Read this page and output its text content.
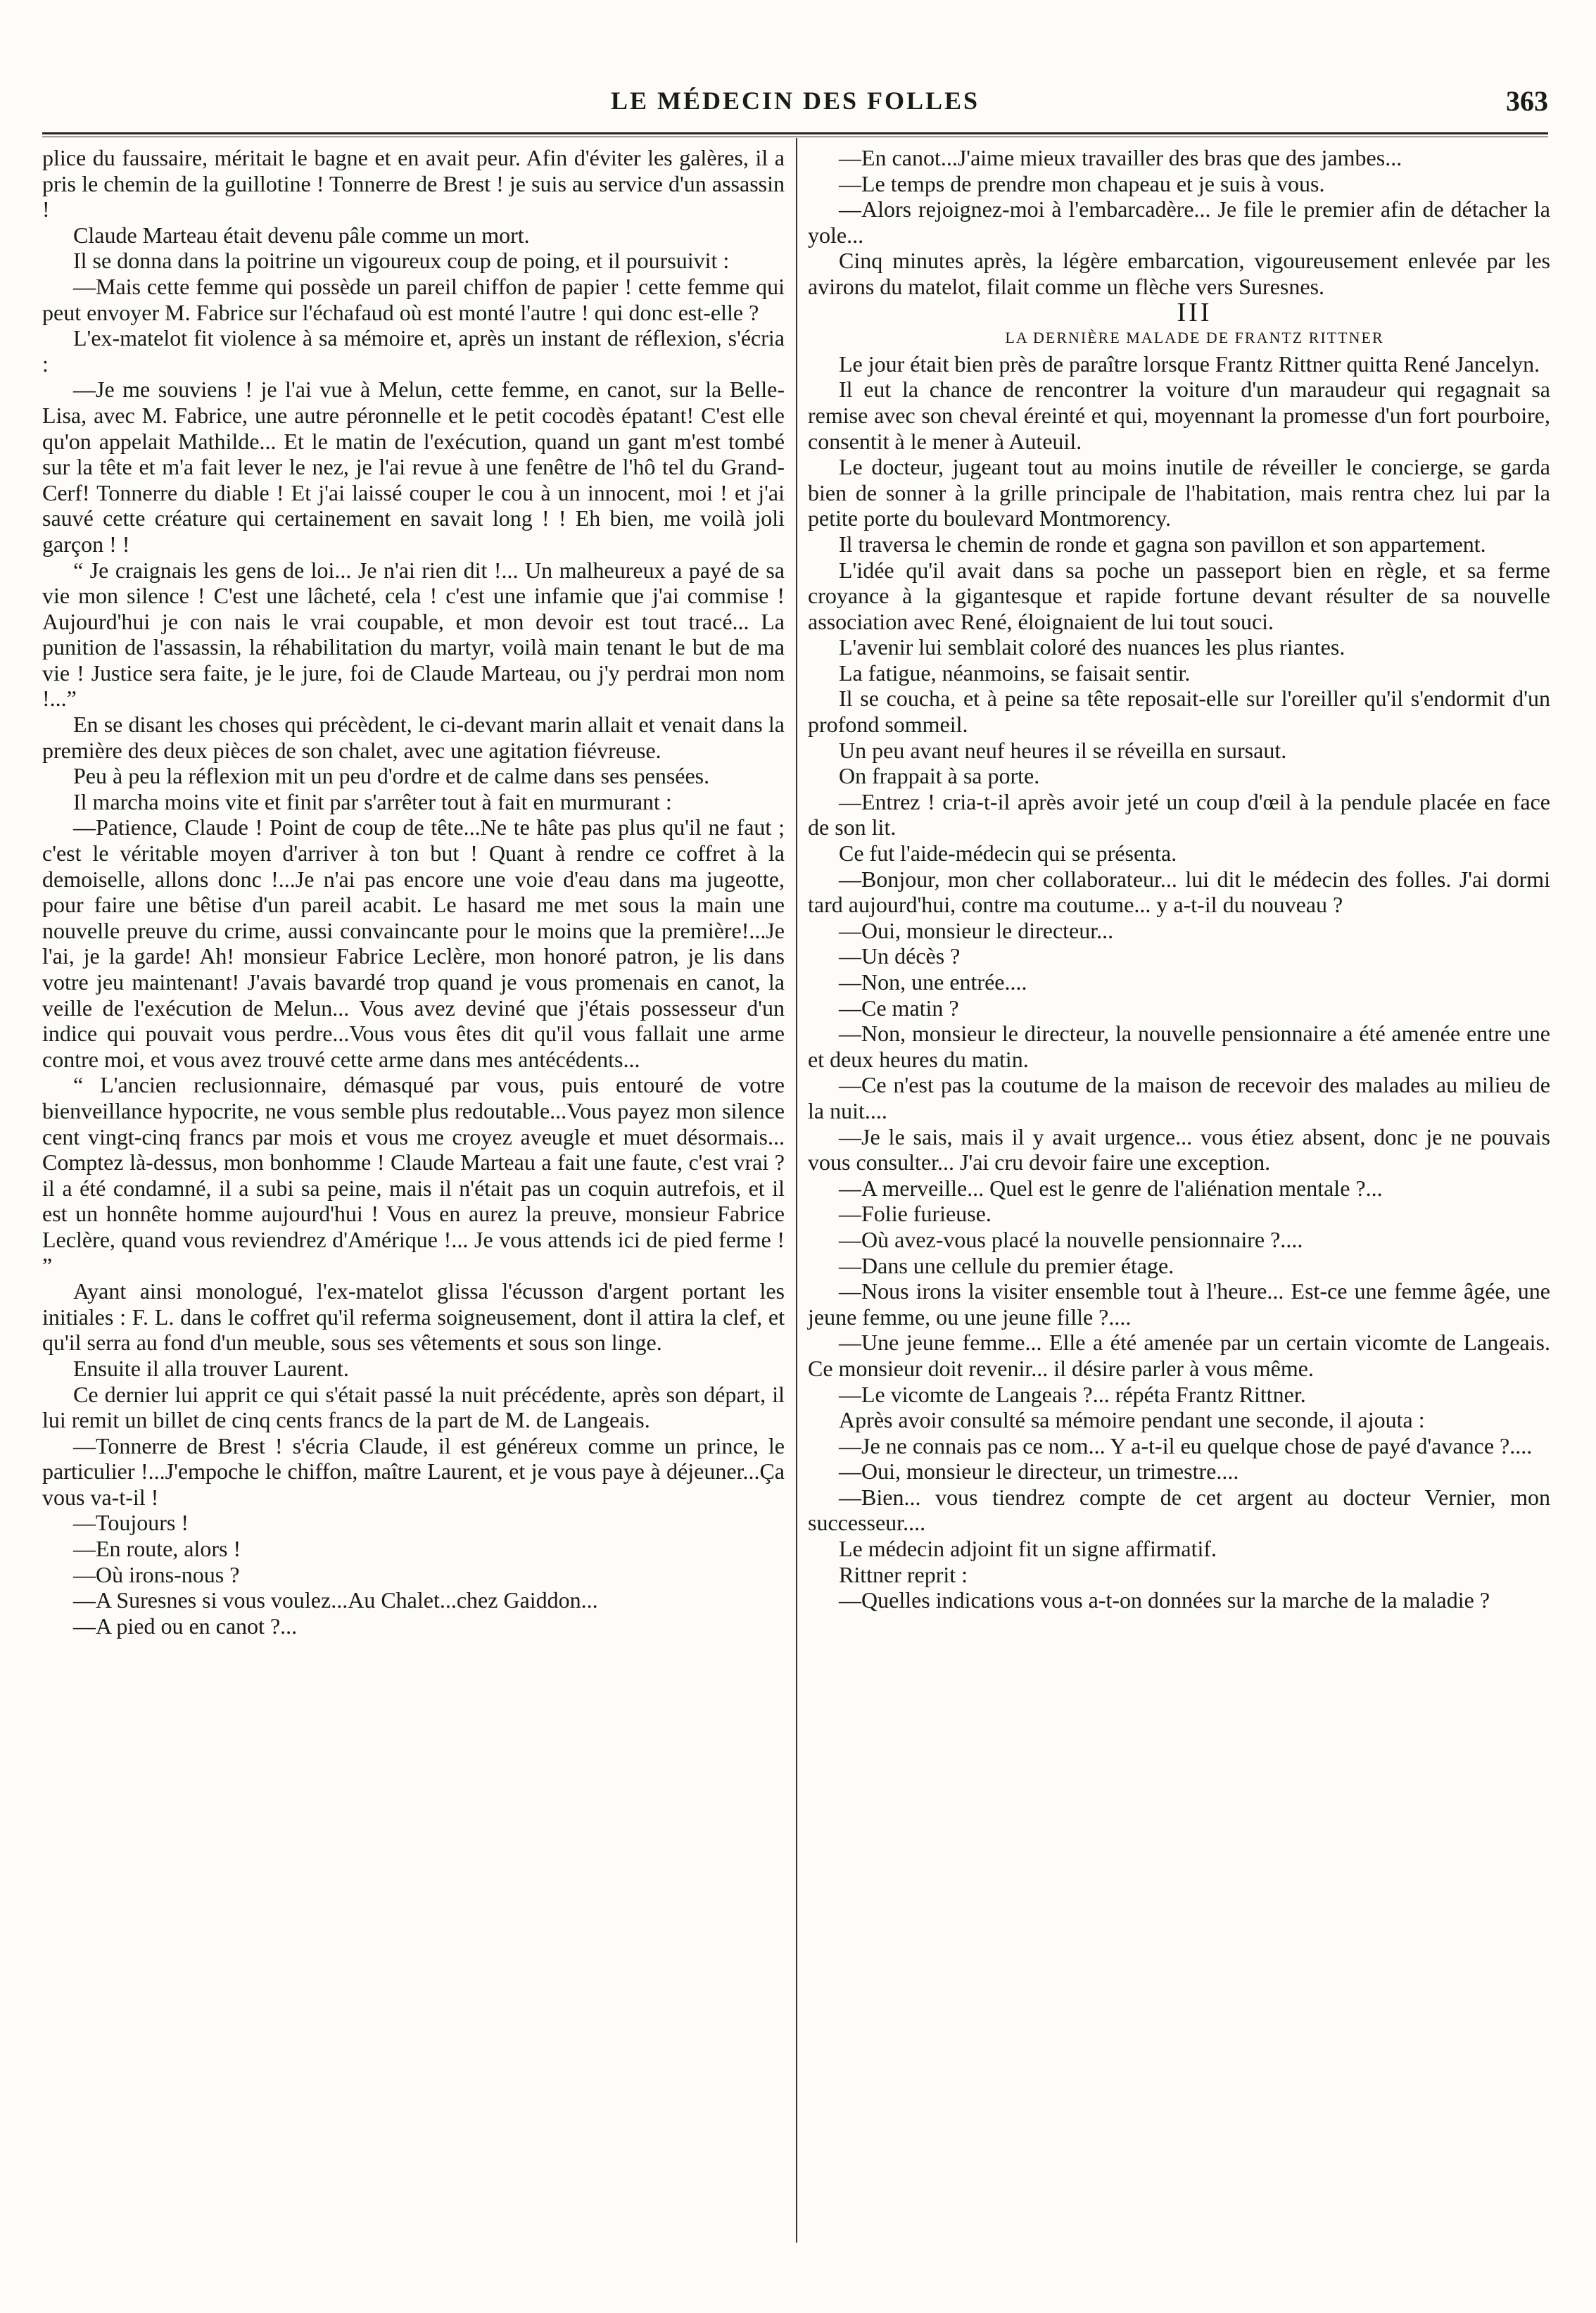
LE MÉDECIN DES FOLLES	363

plice du faussaire, méritait le bagne et en avait peur. Afin d'éviter les galères, il a pris le chemin de la guillotine ! Tonnerre de Brest ! je suis au service d'un assassin !

Claude Marteau était devenu pâle comme un mort.

Il se donna dans la poitrine un vigoureux coup de poing, et il poursuivit :

—Mais cette femme qui possède un pareil chiffon de papier ! cette femme qui peut envoyer M. Fabrice sur l'échafaud où est monté l'autre ! qui donc est-elle ?

L'ex-matelot fit violence à sa mémoire et, après un instant de réflexion, s'écria :

—Je me souviens ! je l'ai vue à Melun, cette femme, en canot, sur la Belle-Lisa, avec M. Fabrice, une autre péronnelle et le petit cocodès épatant! C'est elle qu'on appelait Mathilde... Et le matin de l'exécution, quand un gant m'est tombé sur la tête et m'a fait lever le nez, je l'ai revue à une fenêtre de l'hô tel du Grand-Cerf! Tonnerre du diable ! Et j'ai laissé couper le cou à un innocent, moi ! et j'ai sauvé cette créature qui certainement en savait long ! ! Eh bien, me voilà joli garçon ! !

“ Je craignais les gens de loi... Je n'ai rien dit !... Un malheureux a payé de sa vie mon silence ! C'est une lâcheté, cela ! c'est une infamie que j'ai commise ! Aujourd'hui je con nais le vrai coupable, et mon devoir est tout tracé... La punition de l'assassin, la réhabilitation du martyr, voilà main tenant le but de ma vie ! Justice sera faite, je le jure, foi de Claude Marteau, ou j'y perdrai mon nom !...”

En se disant les choses qui précèdent, le ci-devant marin allait et venait dans la première des deux pièces de son chalet, avec une agitation fiévreuse.

Peu à peu la réflexion mit un peu d'ordre et de calme dans ses pensées.

Il marcha moins vite et finit par s'arrêter tout à fait en murmurant :

—Patience, Claude ! Point de coup de tête...Ne te hâte pas plus qu'il ne faut ; c'est le véritable moyen d'arriver à ton but ! Quant à rendre ce coffret à la demoiselle, allons donc !...Je n'ai pas encore une voie d'eau dans ma jugeotte, pour faire une bêtise d'un pareil acabit. Le hasard me met sous la main une nouvelle preuve du crime, aussi convaincante pour le moins que la première!...Je l'ai, je la garde! Ah! monsieur Fabrice Leclère, mon honoré patron, je lis dans votre jeu maintenant! J'avais bavardé trop quand je vous promenais en canot, la veille de l'exécution de Melun... Vous avez deviné que j'étais possesseur d'un indice qui pouvait vous perdre...Vous vous êtes dit qu'il vous fallait une arme contre moi, et vous avez trouvé cette arme dans mes antécédents...

“ L'ancien reclusionnaire, démasqué par vous, puis entouré de votre bienveillance hypocrite, ne vous semble plus redoutable...Vous payez mon silence cent vingt-cinq francs par mois et vous me croyez aveugle et muet désormais... Comptez là-dessus, mon bonhomme ! Claude Marteau a fait une faute, c'est vrai ? il a été condamné, il a subi sa peine, mais il n'était pas un coquin autrefois, et il est un honnête homme aujourd'hui ! Vous en aurez la preuve, monsieur Fabrice Leclère, quand vous reviendrez d'Amérique !... Je vous attends ici de pied ferme ! ”

Ayant ainsi monologué, l'ex-matelot glissa l'écusson d'argent portant les initiales : F. L. dans le coffret qu'il referma soigneusement, dont il attira la clef, et qu'il serra au fond d'un meuble, sous ses vêtements et sous son linge.

Ensuite il alla trouver Laurent.

Ce dernier lui apprit ce qui s'était passé la nuit précédente, après son départ, il lui remit un billet de cinq cents francs de la part de M. de Langeais.

—Tonnerre de Brest ! s'écria Claude, il est généreux comme un prince, le particulier !...J'empoche le chiffon, maître Laurent, et je vous paye à déjeuner...Ça vous va-t-il !

—Toujours !

—En route, alors !

—Où irons-nous ?

—A Suresnes si vous voulez...Au Chalet...chez Gaiddon...

—A pied ou en canot ?...

—En canot...J'aime mieux travailler des bras que des jambes...

—Le temps de prendre mon chapeau et je suis à vous.

—Alors rejoignez-moi à l'embarcadère... Je file le premier afin de détacher la yole...

Cinq minutes après, la légère embarcation, vigoureusement enlevée par les avirons du matelot, filait comme un flèche vers Suresnes.

III

LA DERNIÈRE MALADE DE FRANTZ RITTNER

Le jour était bien près de paraître lorsque Frantz Rittner quitta René Jancelyn.

Il eut la chance de rencontrer la voiture d'un maraudeur qui regagnait sa remise avec son cheval éreinté et qui, moyennant la promesse d'un fort pourboire, consentit à le mener à Auteuil.

Le docteur, jugeant tout au moins inutile de réveiller le concierge, se garda bien de sonner à la grille principale de l'habitation, mais rentra chez lui par la petite porte du boulevard Montmorency.

Il traversa le chemin de ronde et gagna son pavillon et son appartement.

L'idée qu'il avait dans sa poche un passeport bien en règle, et sa ferme croyance à la gigantesque et rapide fortune devant résulter de sa nouvelle association avec René, éloignaient de lui tout souci.

L'avenir lui semblait coloré des nuances les plus riantes.

La fatigue, néanmoins, se faisait sentir.

Il se coucha, et à peine sa tête reposait-elle sur l'oreiller qu'il s'endormit d'un profond sommeil.

Un peu avant neuf heures il se réveilla en sursaut.

On frappait à sa porte.

—Entrez ! cria-t-il après avoir jeté un coup d'œil à la pendule placée en face de son lit.

Ce fut l'aide-médecin qui se présenta.

—Bonjour, mon cher collaborateur... lui dit le médecin des folles. J'ai dormi tard aujourd'hui, contre ma coutume... y a-t-il du nouveau ?

—Oui, monsieur le directeur...

—Un décès ?

—Non, une entrée....

—Ce matin ?

—Non, monsieur le directeur, la nouvelle pensionnaire a été amenée entre une et deux heures du matin.

—Ce n'est pas la coutume de la maison de recevoir des malades au milieu de la nuit....

—Je le sais, mais il y avait urgence... vous étiez absent, donc je ne pouvais vous consulter... J'ai cru devoir faire une exception.

—A merveille... Quel est le genre de l'aliénation mentale ?...

—Folie furieuse.

—Où avez-vous placé la nouvelle pensionnaire ?....

—Dans une cellule du premier étage.

—Nous irons la visiter ensemble tout à l'heure... Est-ce une femme âgée, une jeune femme, ou une jeune fille ?....

—Une jeune femme... Elle a été amenée par un certain vicomte de Langeais. Ce monsieur doit revenir... il désire parler à vous même.

—Le vicomte de Langeais ?... répéta Frantz Rittner.

Après avoir consulté sa mémoire pendant une seconde, il ajouta :

—Je ne connais pas ce nom... Y a-t-il eu quelque chose de payé d'avance ?....

—Oui, monsieur le directeur, un trimestre....

—Bien... vous tiendrez compte de cet argent au docteur Vernier, mon successeur....

Le médecin adjoint fit un signe affirmatif.

Rittner reprit :

—Quelles indications vous a-t-on données sur la marche de la maladie ?
